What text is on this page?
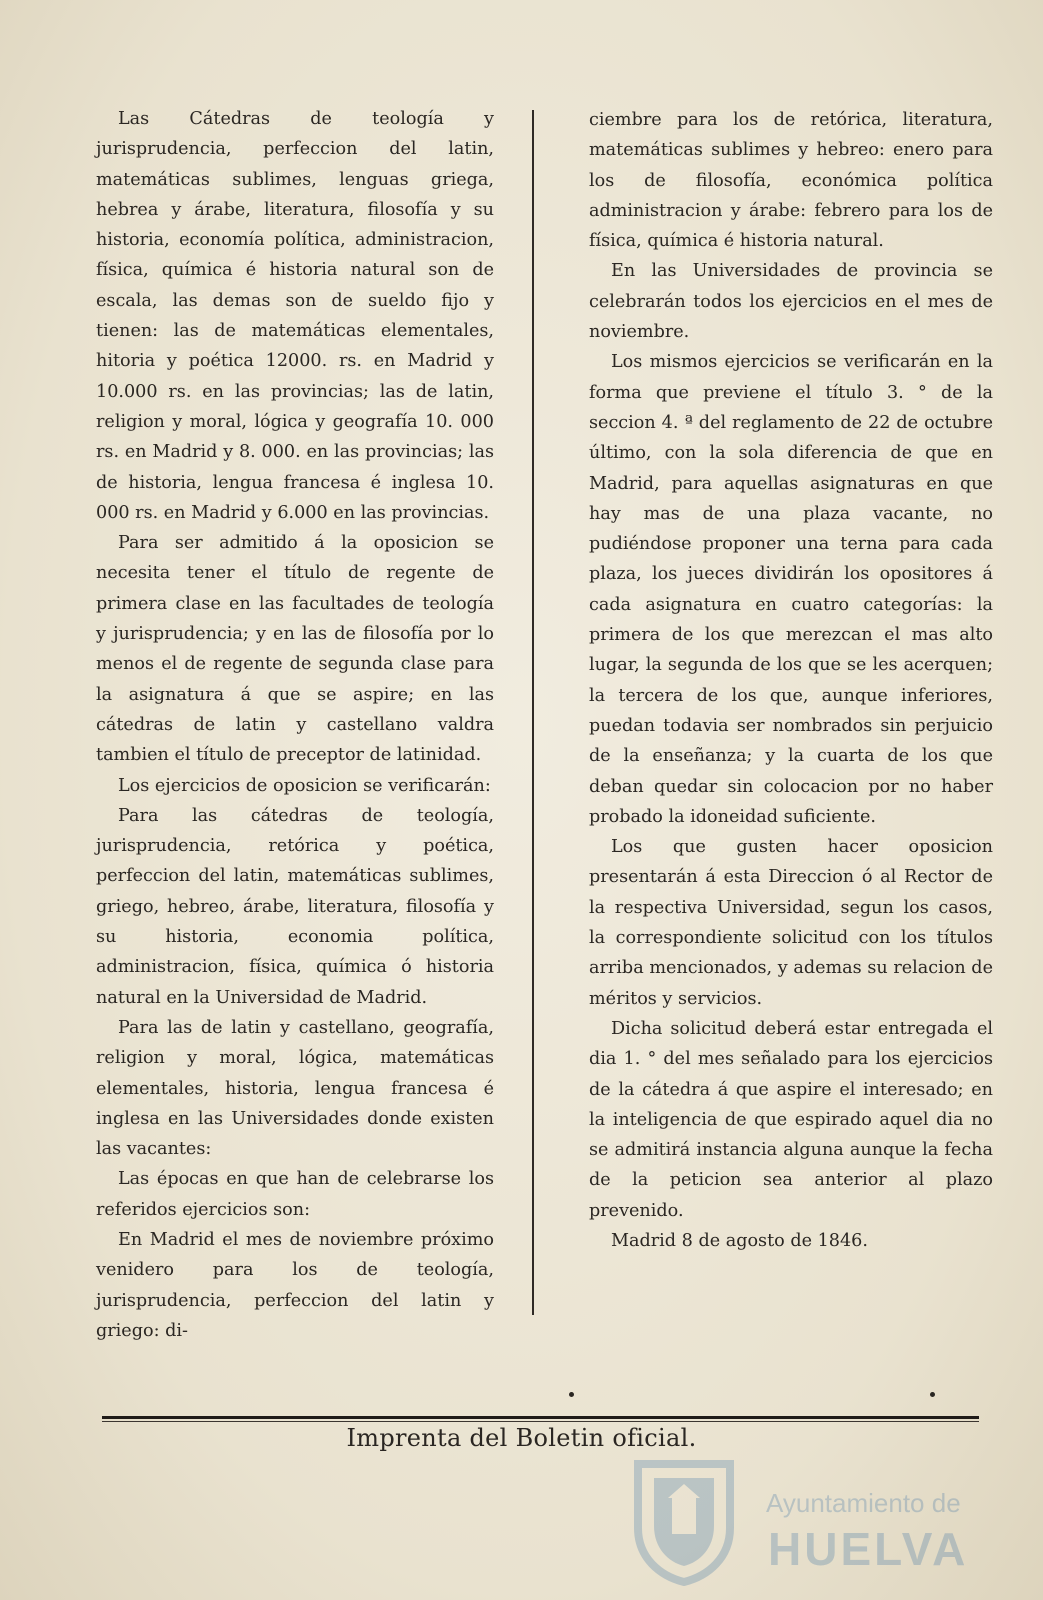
Las Cátedras de teología y jurisprudencia, perfeccion del latin, matemáticas sublimes, lenguas griega, hebrea y árabe, literatura, filosofía y su historia, economía política, administracion, física, química é historia natural son de escala, las demas son de sueldo fijo y tienen: las de matemáticas elementales, hitoria y poética 12000. rs. en Madrid y 10.000 rs. en las provincias; las de latin, religion y moral, lógica y geografía 10. 000 rs. en Madrid y 8. 000. en las provincias; las de historia, lengua francesa é inglesa 10. 000 rs. en Madrid y 6.000 en las provincias.

Para ser admitido á la oposicion se necesita tener el título de regente de primera clase en las facultades de teología y jurisprudencia; y en las de filosofía por lo menos el de regente de segunda clase para la asignatura á que se aspire; en las cátedras de latin y castellano valdra tambien el título de preceptor de latinidad.

Los ejercicios de oposicion se verificarán:

Para las cátedras de teología, jurisprudencia, retórica y poética, perfeccion del latin, matemáticas sublimes, griego, hebreo, árabe, literatura, filosofía y su historia, economia política, administracion, física, química ó historia natural en la Universidad de Madrid.

Para las de latin y castellano, geografía, religion y moral, lógica, matemáticas elementales, historia, lengua francesa é inglesa en las Universidades donde existen las vacantes:

Las épocas en que han de celebrarse los referidos ejercicios son:

En Madrid el mes de noviembre próximo venidero para los de teología, jurisprudencia, perfeccion del latin y griego: di-

ciembre para los de retórica, literatura, matemáticas sublimes y hebreo: enero para los de filosofía, económica política administracion y árabe: febrero para los de física, química é historia natural.

En las Universidades de provincia se celebrarán todos los ejercicios en el mes de noviembre.

Los mismos ejercicios se verificarán en la forma que previene el título 3. ° de la seccion 4. ª del reglamento de 22 de octubre último, con la sola diferencia de que en Madrid, para aquellas asignaturas en que hay mas de una plaza vacante, no pudiéndose proponer una terna para cada plaza, los jueces dividirán los opositores á cada asignatura en cuatro categorías: la primera de los que merezcan el mas alto lugar, la segunda de los que se les acerquen; la tercera de los que, aunque inferiores, puedan todavia ser nombrados sin perjuicio de la enseñanza; y la cuarta de los que deban quedar sin colocacion por no haber probado la idoneidad suficiente.

Los que gusten hacer oposicion presentarán á esta Direccion ó al Rector de la respectiva Universidad, segun los casos, la correspondiente solicitud con los títulos arriba mencionados, y ademas su relacion de méritos y servicios.

Dicha solicitud deberá estar entregada el dia 1. ° del mes señalado para los ejercicios de la cátedra á que aspire el interesado; en la inteligencia de que espirado aquel dia no se admitirá instancia alguna aunque la fecha de la peticion sea anterior al plazo prevenido.

Madrid 8 de agosto de 1846.

Imprenta del Boletin oficial.
Ayuntamiento de
HUELVA
